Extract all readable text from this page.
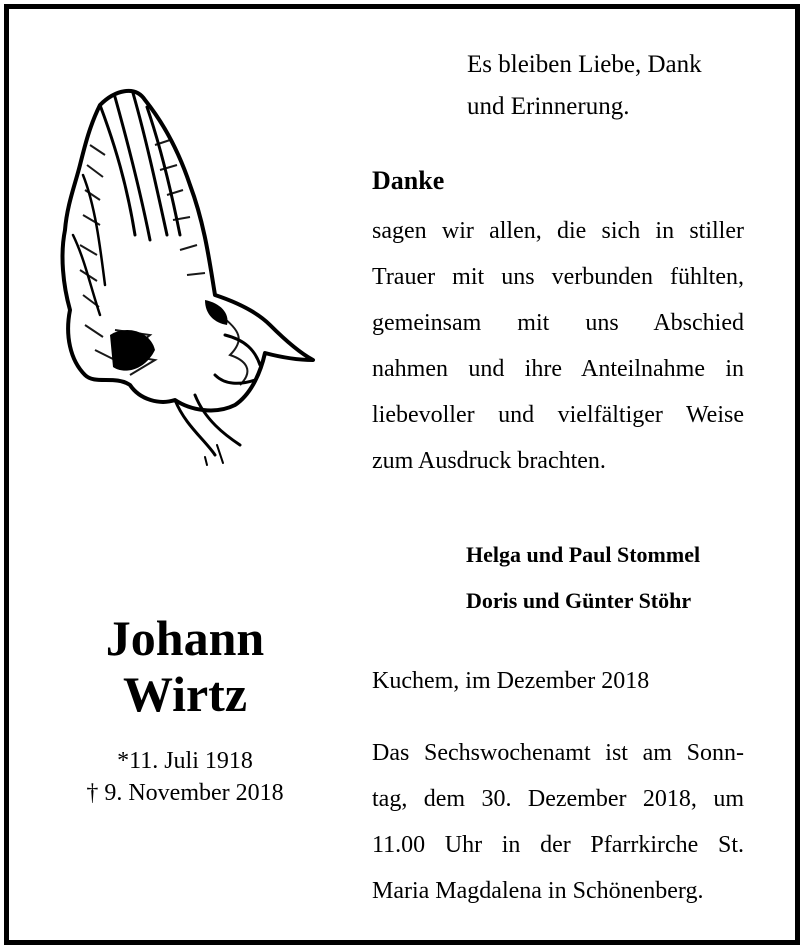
Es bleiben Liebe, Dank
und Erinnerung.
Danke
sagen wir allen, die sich in stiller
Trauer mit uns verbunden fühlten,
gemeinsam mit uns Abschied
nahmen und ihre Anteilnahme in
liebevoller und vielfältiger Weise
zum Ausdruck brachten.
Helga und Paul Stommel
Doris und Günter Stöhr
Johann
Wirtz
*11. Juli 1918
† 9. November 2018
Kuchem, im Dezember 2018
Das Sechswochenamt ist am Sonn-
tag, dem 30. Dezember 2018, um
11.00 Uhr in der Pfarrkirche St.
Maria Magdalena in Schönenberg.
